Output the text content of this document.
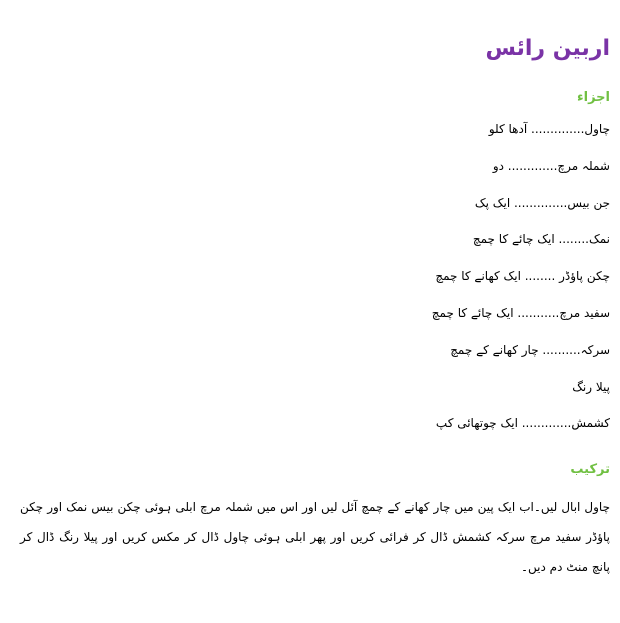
اربین رائس
اجزاء
چاول.............. آدھا کلو
شملہ مرچ............. دو
جن بیس.............. ایک پک
نمک........ ایک چائے کا چمچ
چکن پاؤڈر ........ ایک کھانے کا چمچ
سفید مرچ........... ایک چائے کا چمچ
سرکہ.......... چار کھانے کے چمچ
پیلا رنگ
کشمش............. ایک چوتھائی کپ
ترکیب

چاول ابال لیں۔اب ایک پین میں چار کھانے کے چمچ آئل لیں اور اس میں شملہ مرچ ابلی ہوئی چکن بیس نمک اور چکن پاؤڈر سفید مرچ سرکہ کشمش ڈال کر فرائی کریں اور پھر ابلی ہوئی چاول ڈال کر مکس کریں اور پیلا رنگ ڈال کر پانچ منٹ دم دیں۔
